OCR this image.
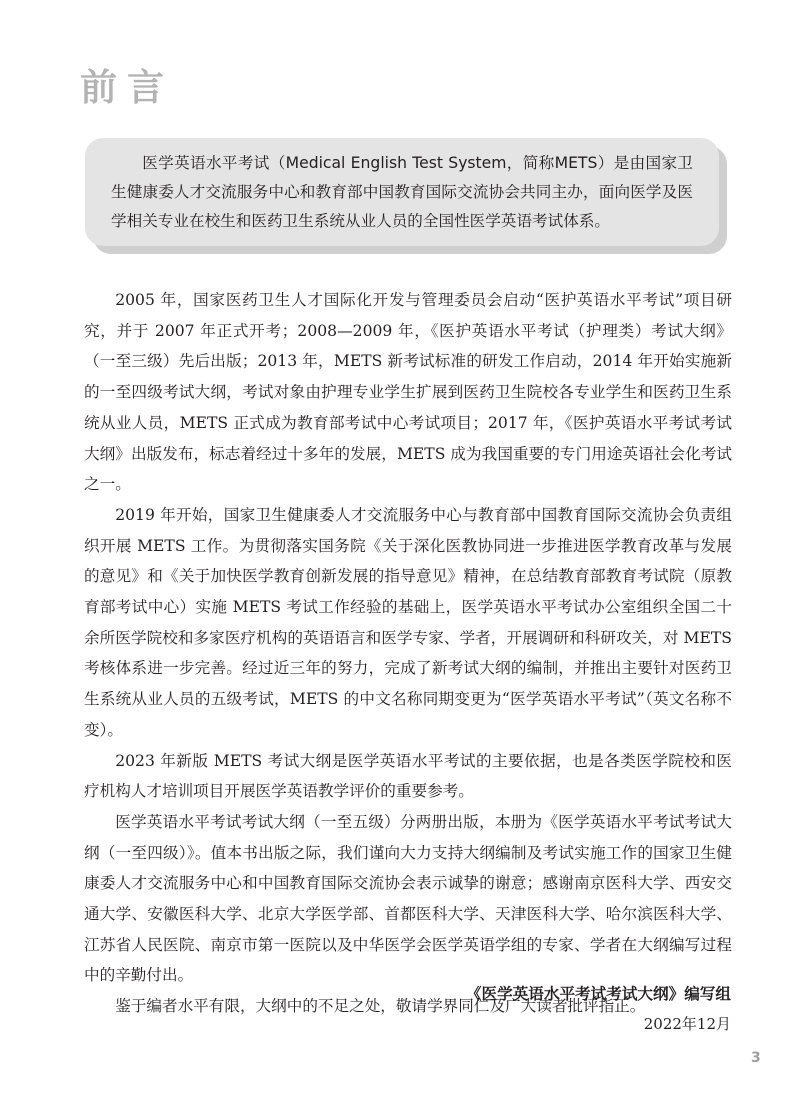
前言
医学英语水平考试（Medical English Test System，简称METS）是由国家卫生健康委人才交流服务中心和教育部中国教育国际交流协会共同主办，面向医学及医学相关专业在校生和医药卫生系统从业人员的全国性医学英语考试体系。

2005 年，国家医药卫生人才国际化开发与管理委员会启动“医护英语水平考试”项目研究，并于 2007 年正式开考；2008—2009 年，《医护英语水平考试（护理类）考试大纲》（一至三级）先后出版；2013 年，METS 新考试标准的研发工作启动，2014 年开始实施新的一至四级考试大纲，考试对象由护理专业学生扩展到医药卫生院校各专业学生和医药卫生系统从业人员，METS 正式成为教育部考试中心考试项目；2017 年，《医护英语水平考试考试大纲》出版发布，标志着经过十多年的发展，METS 成为我国重要的专门用途英语社会化考试之一。

2019 年开始，国家卫生健康委人才交流服务中心与教育部中国教育国际交流协会负责组织开展 METS 工作。为贯彻落实国务院《关于深化医教协同进一步推进医学教育改革与发展的意见》和《关于加快医学教育创新发展的指导意见》精神，在总结教育部教育考试院（原教育部考试中心）实施 METS 考试工作经验的基础上，医学英语水平考试办公室组织全国二十余所医学院校和多家医疗机构的英语语言和医学专家、学者，开展调研和科研攻关，对 METS 考核体系进一步完善。经过近三年的努力，完成了新考试大纲的编制，并推出主要针对医药卫生系统从业人员的五级考试，METS 的中文名称同期变更为“医学英语水平考试”（英文名称不变）。

2023 年新版 METS 考试大纲是医学英语水平考试的主要依据，也是各类医学院校和医疗机构人才培训项目开展医学英语教学评价的重要参考。

医学英语水平考试考试大纲（一至五级）分两册出版，本册为《医学英语水平考试考试大纲（一至四级）》。值本书出版之际，我们谨向大力支持大纲编制及考试实施工作的国家卫生健康委人才交流服务中心和中国教育国际交流协会表示诚挚的谢意；感谢南京医科大学、西安交通大学、安徽医科大学、北京大学医学部、首都医科大学、天津医科大学、哈尔滨医科大学、江苏省人民医院、南京市第一医院以及中华医学会医学英语学组的专家、学者在大纲编写过程中的辛勤付出。

鉴于编者水平有限，大纲中的不足之处，敬请学界同仁及广大读者批评指正。

《医学英语水平考试考试大纲》编写组
2022年12月
3
